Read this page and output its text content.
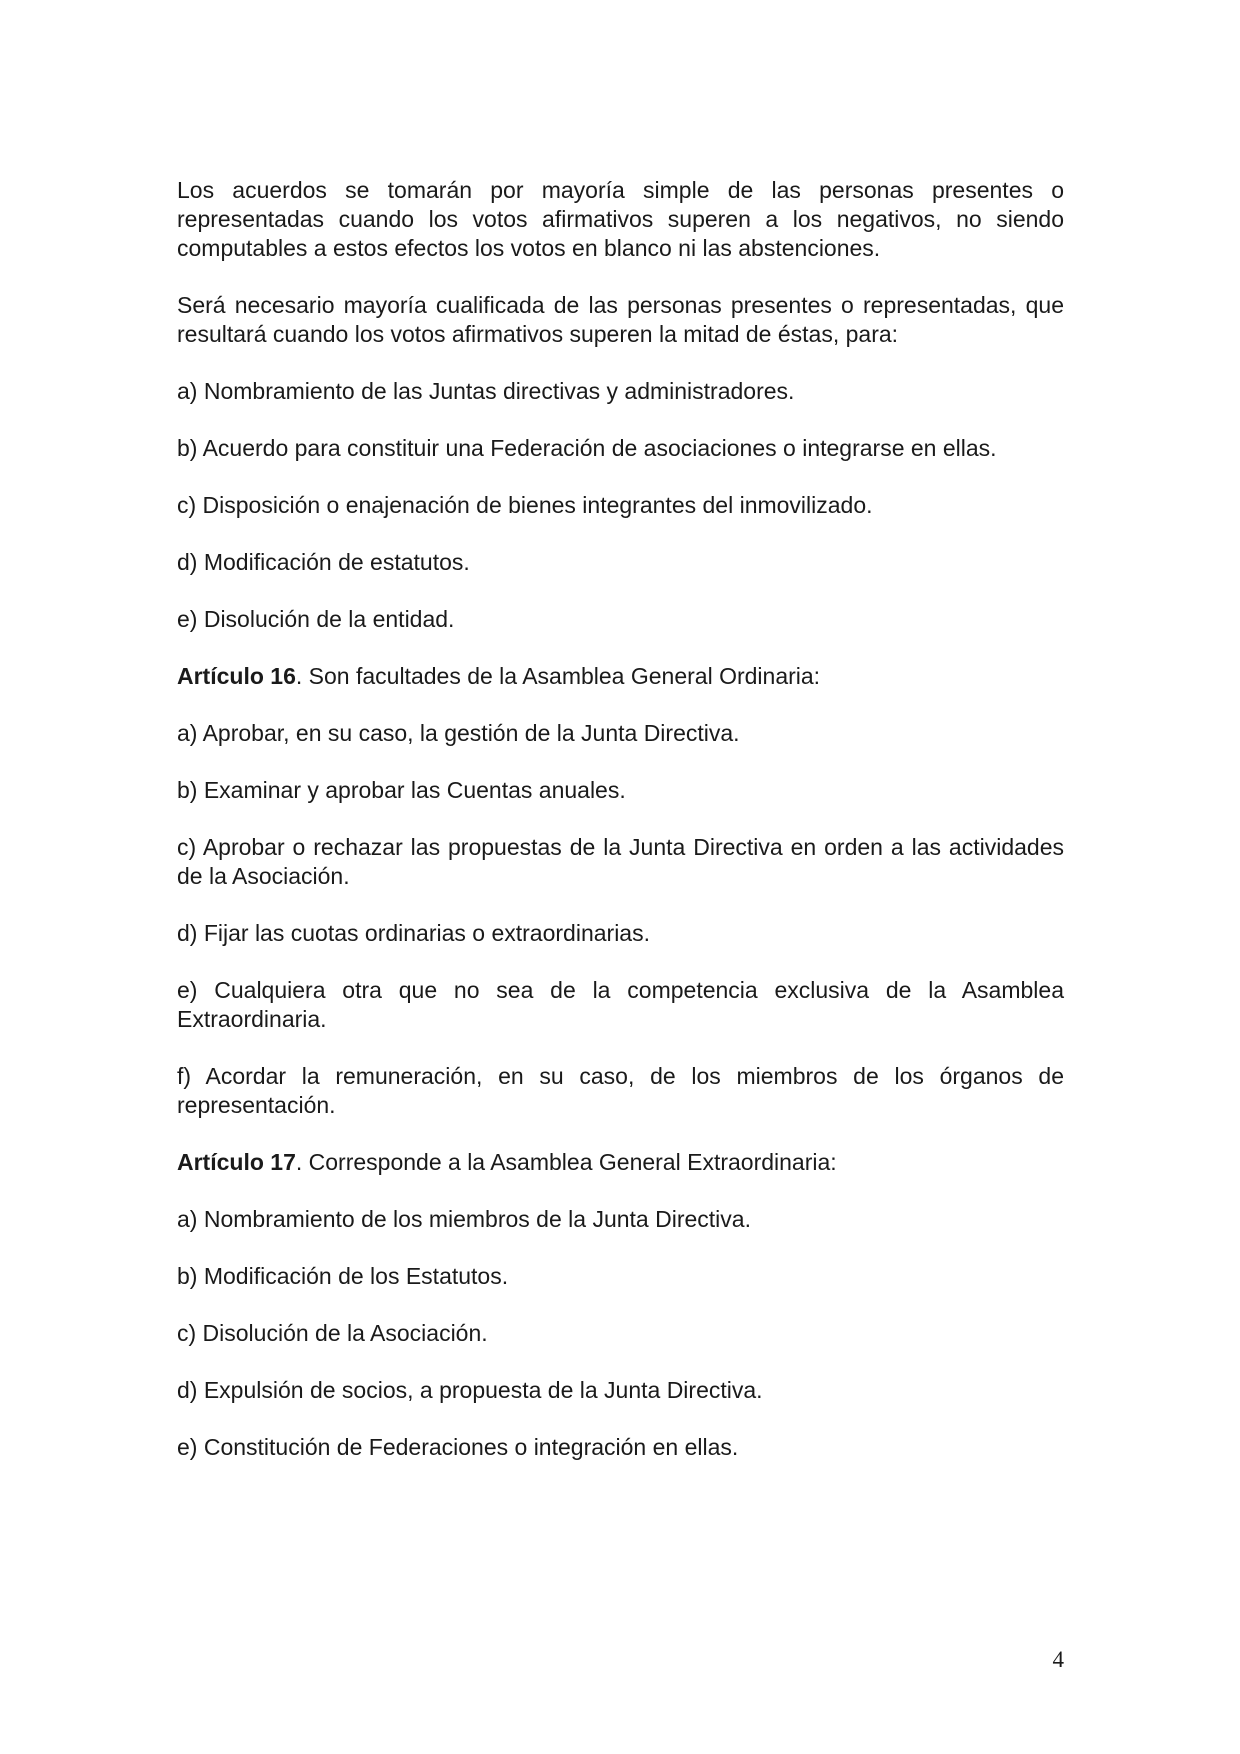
Los acuerdos se tomarán por mayoría simple de las personas presentes o representadas cuando los votos afirmativos superen a los negativos, no siendo computables a estos efectos los votos en blanco ni las abstenciones.

Será necesario mayoría cualificada de las personas presentes o representadas, que resultará cuando los votos afirmativos superen la mitad de éstas, para:

a) Nombramiento de las Juntas directivas y administradores.

b) Acuerdo para constituir una Federación de asociaciones o integrarse en ellas.

c) Disposición o enajenación de bienes integrantes del inmovilizado.

d) Modificación de estatutos.

e) Disolución de la entidad.

Artículo 16. Son facultades de la Asamblea General Ordinaria:

a) Aprobar, en su caso, la gestión de la Junta Directiva.

b) Examinar y aprobar las Cuentas anuales.

c) Aprobar o rechazar las propuestas de la Junta Directiva en orden a las actividades de la Asociación.

d) Fijar las cuotas ordinarias o extraordinarias.

e) Cualquiera otra que no sea de la competencia exclusiva de la Asamblea Extraordinaria.

f) Acordar la remuneración, en su caso, de los miembros de los órganos de representación.

Artículo 17. Corresponde a la Asamblea General Extraordinaria:

a) Nombramiento de los miembros de la Junta Directiva.

b) Modificación de los Estatutos.

c) Disolución de la Asociación.

d) Expulsión de socios, a propuesta de la Junta Directiva.

e) Constitución de Federaciones o integración en ellas.

4
